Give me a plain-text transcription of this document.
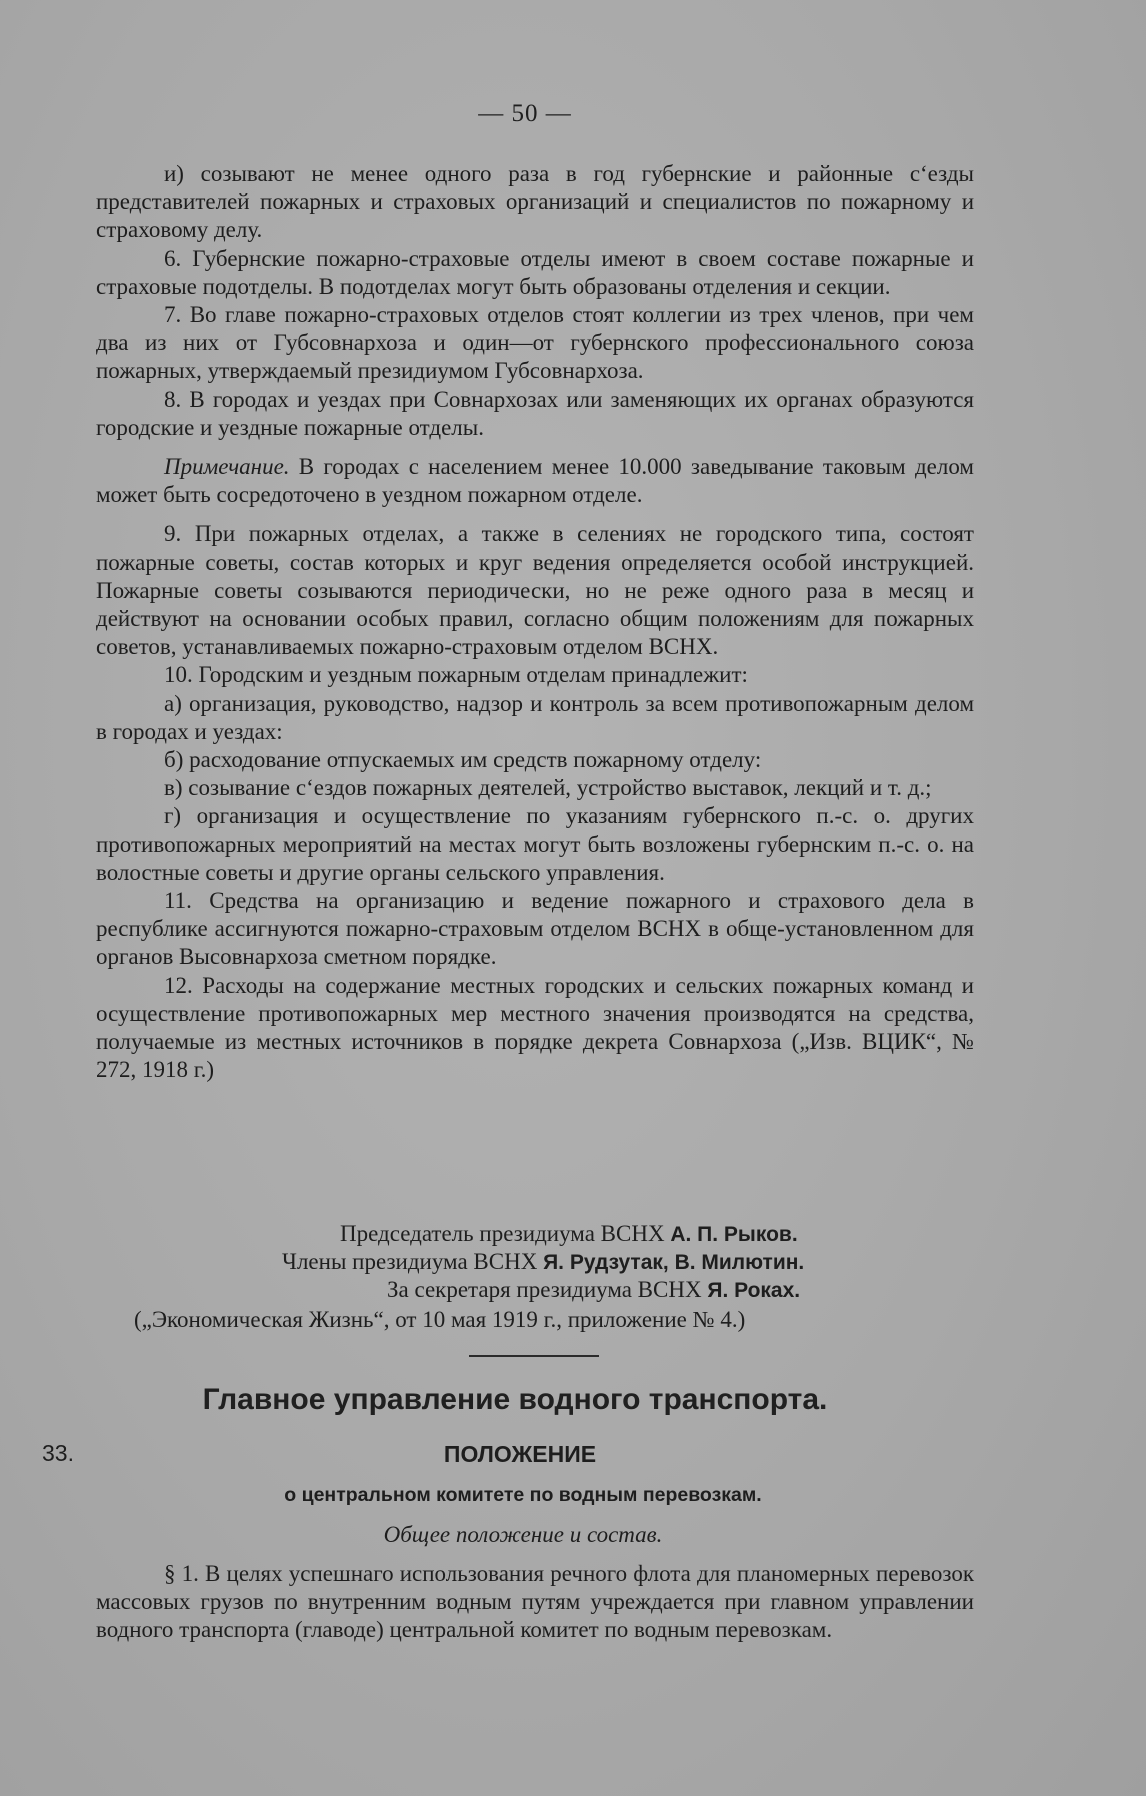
— 50 —

и) созывают не менее одного раза в год губернские и районные с‘езды представителей пожарных и страховых организаций и специалистов по пожарному и страховому делу.

6. Губернские пожарно-страховые отделы имеют в своем составе пожарные и страховые подотделы. В подотделах могут быть образованы отделения и секции.

7. Во главе пожарно-страховых отделов стоят коллегии из трех членов, при чем два из них от Губсовнархоза и один—от губернского профессионального союза пожарных, утверждаемый президиумом Губсовнархоза.

8. В городах и уездах при Совнархозах или заменяющих их органах образуются городские и уездные пожарные отделы.

Примечание. В городах с населением менее 10.000 заведывание таковым делом может быть сосредоточено в уездном пожарном отделе.

9. При пожарных отделах, а также в селениях не городского типа, состоят пожарные советы, состав которых и круг ведения определяется особой инструкцией. Пожарные советы созываются периодически, но не реже одного раза в месяц и действуют на основании особых правил, согласно общим положениям для пожарных советов, устанавливаемых пожарно-страховым отделом ВСНХ.

10. Городским и уездным пожарным отделам принадлежит:

а) организация, руководство, надзор и контроль за всем противопожарным делом в городах и уездах:

б) расходование отпускаемых им средств пожарному отделу:

в) созывание с‘ездов пожарных деятелей, устройство выставок, лекций и т. д.;

г) организация и осуществление по указаниям губернского п.-с. о. других противопожарных мероприятий на местах могут быть возложены губернским п.-с. о. на волостные советы и другие органы сельского управления.

11. Средства на организацию и ведение пожарного и страхового дела в республике ассигнуются пожарно-страховым отделом ВСНХ в обще-установленном для органов Высовнархоза сметном порядке.

12. Расходы на содержание местных городских и сельских пожарных команд и осуществление противопожарных мер местного значения производятся на средства, получаемые из местных источников в порядке декрета Совнархоза („Изв. ВЦИК“, № 272, 1918 г.)

Председатель президиума ВСНХ А. П. Рыков.
Члены президиума ВСНХ Я. Рудзутак, В. Милютин.
За секретаря президиума ВСНХ Я. Роках.
(„Экономическая Жизнь“, от 10 мая 1919 г., приложение № 4.)
Главное управление водного транспорта.
33.	ПОЛОЖЕНИЕ
о центральном комитете по водным перевозкам.
Общее положение и состав.

§ 1. В целях успешнаго использования речного флота для планомерных перевозок массовых грузов по внутренним водным путям учреждается при главном управлении водного транспорта (главоде) центральной комитет по водным перевозкам.
